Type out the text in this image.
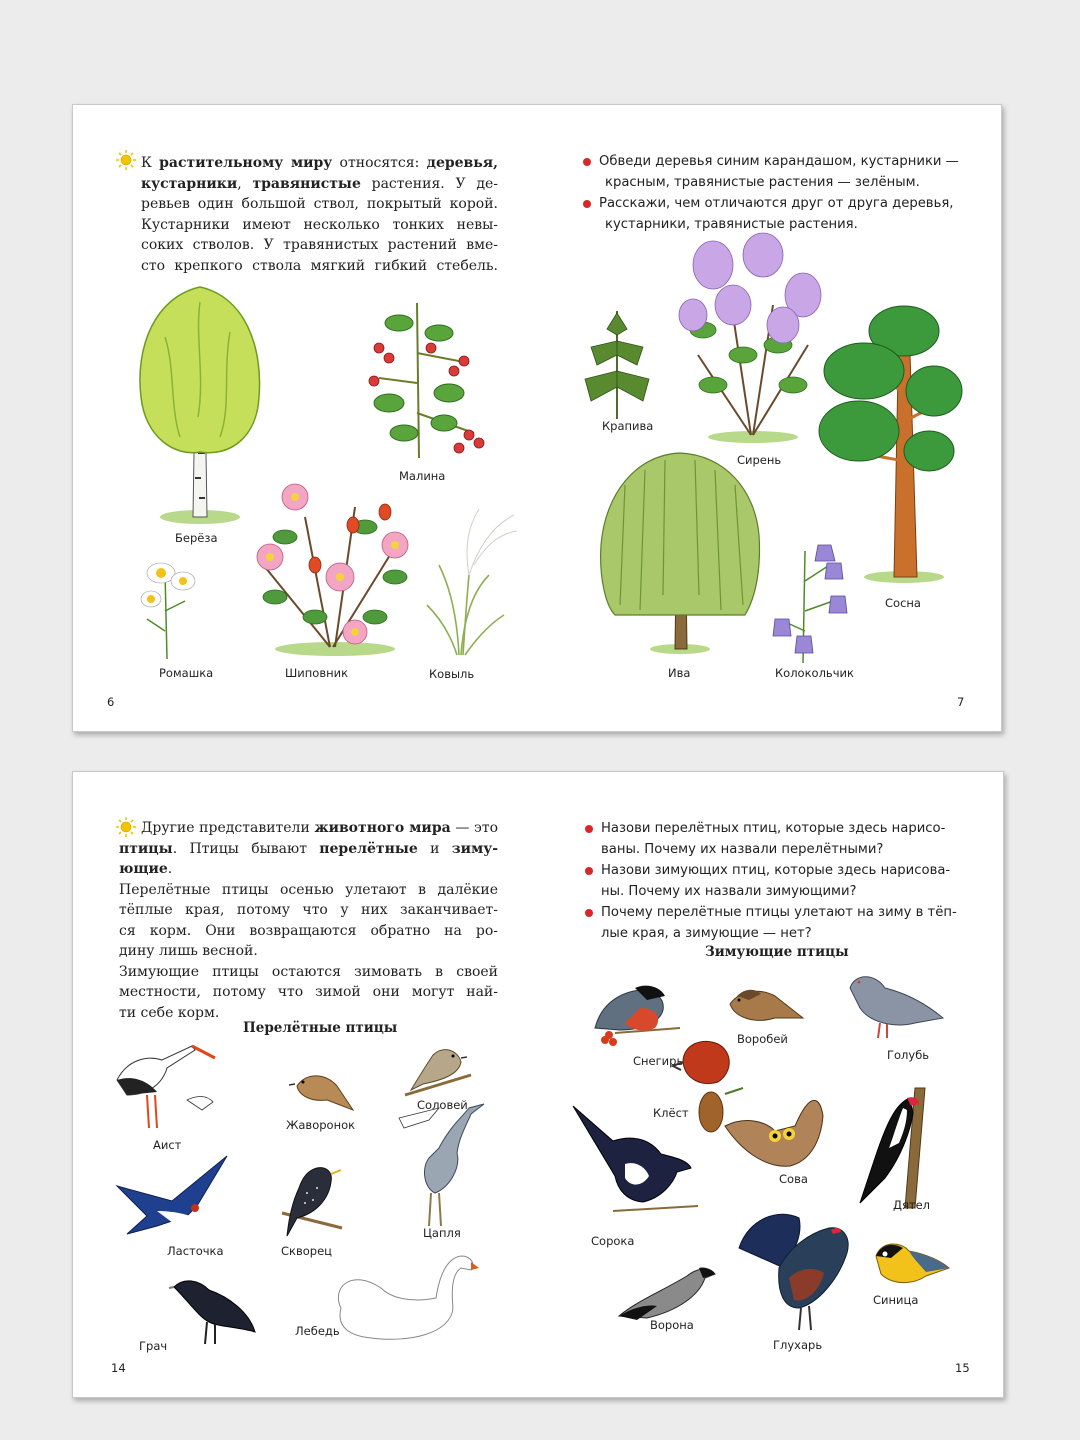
К растительному миру относятся: деревья,
кустарники, травянистые растения. У де-
ревьев один большой ствол, покрытый корой.
Кустарники имеют несколько тонких невы-
соких стволов. У травянистых растений вме-
сто крепкого ствола мягкий гибкий стебель.
Обведи деревья синим карандашом, кустарники —
красным, травянистые растения — зелёным.
Расскажи, чем отличаются друг от друга деревья,
кустарники, травянистые растения.
Берёза
Малина
Ромашка	Шиповник	Ковыль
Крапива
Сирень
Сосна
Ива	Колокольчик
6	7
Другие представители животного мира — это
птицы. Птицы бывают перелётные и зиму-
ющие.
Перелётные птицы осенью улетают в далёкие
тёплые края, потому что у них заканчивает-
ся корм. Они возвращаются обратно на ро-
дину лишь весной.
Зимующие птицы остаются зимовать в своей
местности, потому что зимой они могут най-
ти себе корм.
Назови перелётных птиц, которые здесь нарисо-
ваны. Почему их назвали перелётными?
Назови зимующих птиц, которые здесь нарисова-
ны. Почему их назвали зимующими?
Почему перелётные птицы улетают на зиму в тёп-
лые края, а зимующие — нет?
Перелётные птицы
Зимующие птицы
Аист
Жаворонок
Соловей
Ласточка	Скворец
Цапля
Грач
Лебедь
Снегирь
Воробей
Голубь
Клёст
Сова
Дятел
Сорока
Ворона
Глухарь
Синица
14	15
